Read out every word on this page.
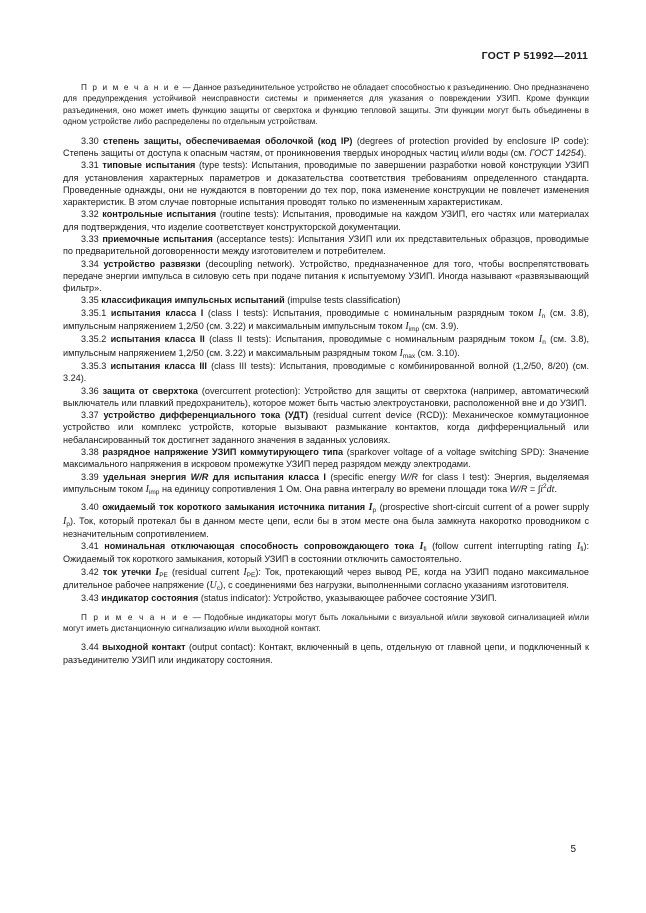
ГОСТ Р 51992—2011

П р и м е ч а н и е — Данное разъединительное устройство не обладает способностью к разъединению. Оно предназначено для предупреждения устойчивой неисправности системы и применяется для указания о повреждении УЗИП. Кроме функции разъединения, оно может иметь функцию защиты от сверхтока и функцию тепловой защиты. Эти функции могут быть объединены в одном устройстве либо распределены по отдельным устройствам.

3.30 степень защиты, обеспечиваемая оболочкой (код IP) (degrees of protection provided by enclosure IP code): Степень защиты от доступа к опасным частям, от проникновения твердых инородных частиц и/или воды (см. ГОСТ 14254).

3.31 типовые испытания (type tests): Испытания, проводимые по завершении разработки новой конструкции УЗИП для установления характерных параметров и доказательства соответствия требованиям определенного стандарта. Проведенные однажды, они не нуждаются в повторении до тех пор, пока изменение конструкции не повлечет изменения характеристик. В этом случае повторные испытания проводят только по измененным характеристикам.

3.32 контрольные испытания (routine tests): Испытания, проводимые на каждом УЗИП, его частях или материалах для подтверждения, что изделие соответствует конструкторской документации.

3.33 приемочные испытания (acceptance tests): Испытания УЗИП или их представительных образцов, проводимые по предварительной договоренности между изготовителем и потребителем.

3.34 устройство развязки (decoupling network). Устройство, предназначенное для того, чтобы воспрепятствовать передаче энергии импульса в силовую сеть при подаче питания к испытуемому УЗИП. Иногда называют «развязывающий фильтр».

3.35 классификация импульсных испытаний (impulse tests classification)

3.35.1 испытания класса I (class I tests): Испытания, проводимые с номинальным разрядным током $I_n$ (см. 3.8), импульсным напряжением 1,2/50 (см. 3.22) и максимальным импульсным током $I_{imp}$ (см. 3.9).

3.35.2 испытания класса II (class II tests): Испытания, проводимые с номинальным разрядным током $I_n$ (см. 3.8), импульсным напряжением 1,2/50 (см. 3.22) и максимальным разрядным током $I_{max}$ (см. 3.10).

3.35.3 испытания класса III (class III tests): Испытания, проводимые с комбинированной волной (1,2/50, 8/20) (см. 3.24).

3.36 защита от сверхтока (overcurrent protection): Устройство для защиты от сверхтока (например, автоматический выключатель или плавкий предохранитель), которое может быть частью электроустановки, расположенной вне и до УЗИП.

3.37 устройство дифференциального тока (УДТ) (residual current device (RCD)): Механическое коммутационное устройство или комплекс устройств, которые вызывают размыкание контактов, когда дифференциальный или небалансированный ток достигнет заданного значения в заданных условиях.

3.38 разрядное напряжение УЗИП коммутирующего типа (sparkover voltage of a voltage switching SPD): Значение максимального напряжения в искровом промежутке УЗИП перед разрядом между электродами.

3.39 удельная энергия W/R для испытания класса I (specific energy W/R for class I test): Энергия, выделяемая импульсным током $I_{imp}$ на единицу сопротивления 1 Ом. Она равна интегралу во времени площади тока $W/R = \int i^2dt$.

3.40 ожидаемый ток короткого замыкания источника питания $I_p$ (prospective short-circuit current of a power supply $I_p$). Ток, который протекал бы в данном месте цепи, если бы в этом месте она была замкнута накоротко проводником с незначительным сопротивлением.

3.41 номинальная отключающая способность сопровождающего тока $I_{fi}$ (follow current interrupting rating $I_{fi}$): Ожидаемый ток короткого замыкания, который УЗИП в состоянии отключить самостоятельно.

3.42 ток утечки $I_{PE}$ (residual current $I_{PE}$): Ток, протекающий через вывод PE, когда на УЗИП подано максимальное длительное рабочее напряжение $(U_c)$, с соединениями без нагрузки, выполненными согласно указаниям изготовителя.

3.43 индикатор состояния (status indicator): Устройство, указывающее рабочее состояние УЗИП.

П р и м е ч а н и е — Подобные индикаторы могут быть локальными с визуальной и/или звуковой сигнализацией и/или могут иметь дистанционную сигнализацию и/или выходной контакт.

3.44 выходной контакт (output contact): Контакт, включенный в цепь, отдельную от главной цепи, и подключенный к разъединителю УЗИП или индикатору состояния.

5
